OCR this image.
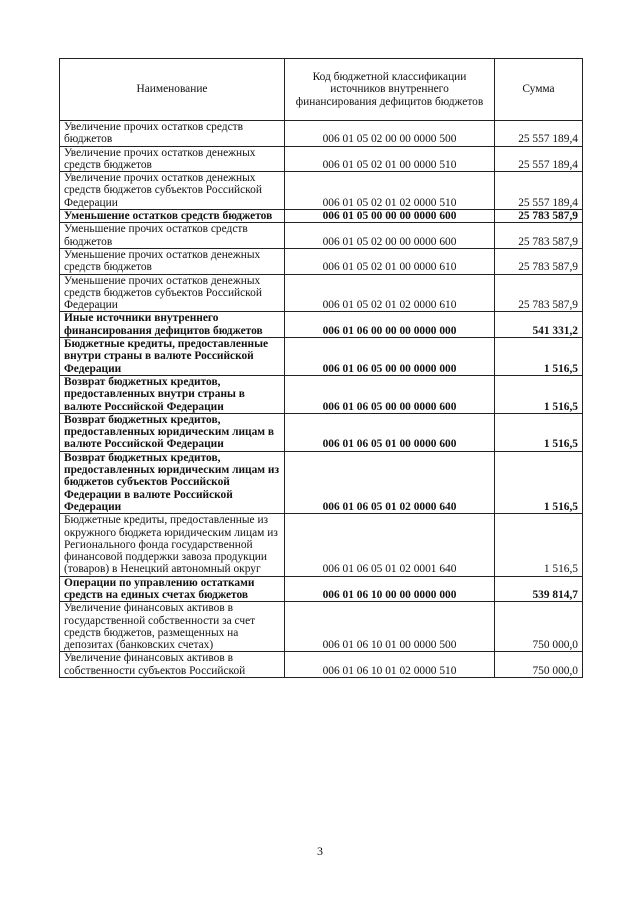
Наименование	Код бюджетной классификации источников внутреннего финансирования дефицитов бюджетов	Сумма
Увеличение прочих остатков средств бюджетов	006 01 05 02 00 00 0000 500	25 557 189,4
Увеличение прочих остатков денежных средств бюджетов	006 01 05 02 01 00 0000 510	25 557 189,4
Увеличение прочих остатков денежных средств бюджетов субъектов Российской Федерации	006 01 05 02 01 02 0000 510	25 557 189,4
Уменьшение остатков средств бюджетов	006 01 05 00 00 00 0000 600	25 783 587,9
Уменьшение прочих остатков средств бюджетов	006 01 05 02 00 00 0000 600	25 783 587,9
Уменьшение прочих остатков денежных средств бюджетов	006 01 05 02 01 00 0000 610	25 783 587,9
Уменьшение прочих остатков денежных средств бюджетов субъектов Российской Федерации	006 01 05 02 01 02 0000 610	25 783 587,9
Иные источники внутреннего финансирования дефицитов бюджетов	006 01 06 00 00 00 0000 000	541 331,2
Бюджетные кредиты, предоставленные внутри страны в валюте Российской Федерации	006 01 06 05 00 00 0000 000	1 516,5
Возврат бюджетных кредитов, предоставленных внутри страны в валюте Российской Федерации	006 01 06 05 00 00 0000 600	1 516,5
Возврат бюджетных кредитов, предоставленных юридическим лицам в валюте Российской Федерации	006 01 06 05 01 00 0000 600	1 516,5
Возврат бюджетных кредитов, предоставленных юридическим лицам из бюджетов субъектов Российской Федерации в валюте Российской Федерации	006 01 06 05 01 02 0000 640	1 516,5
Бюджетные кредиты, предоставленные из окружного бюджета юридическим лицам из Регионального фонда государственной финансовой поддержки завоза продукции (товаров) в Ненецкий автономный округ	006 01 06 05 01 02 0001 640	1 516,5
Операции по управлению остатками средств на единых счетах бюджетов	006 01 06 10 00 00 0000 000	539 814,7
Увеличение финансовых активов в государственной собственности за счет средств бюджетов, размещенных на депозитах (банковских счетах)	006 01 06 10 01 00 0000 500	750 000,0
Увеличение финансовых активов в собственности субъектов Российской	006 01 06 10 01 02 0000 510	750 000,0
3
